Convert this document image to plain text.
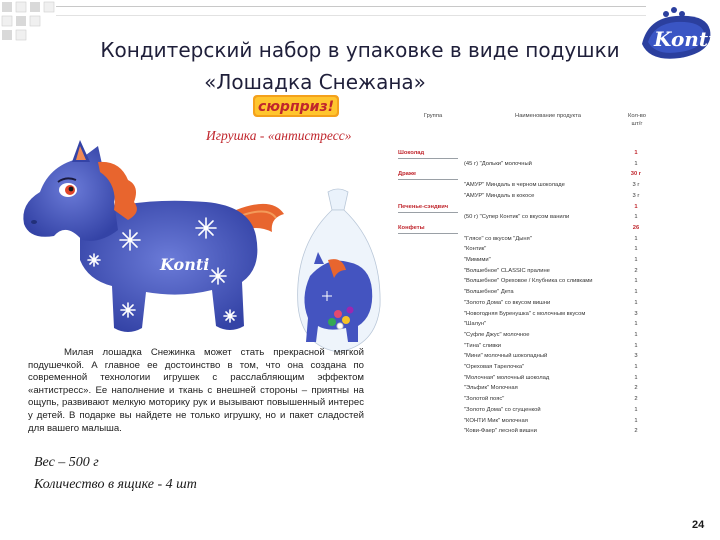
Konti
Кондитерский набор в упаковке в виде подушки
«Лошадка Снежана»
сюрприз!
Игрушка - «антистресс»
Konti
Милая лошадка Снежинка может стать прекрасной мягкой подушечкой. А главное ее достоинство в том, что она создана по современной технологии игрушек с расслабляющим эффектом «антистресс». Ее наполнение и ткань с внешней стороны – приятны на ощупь, развивают мелкую моторику рук и вызывают повышенный интерес у детей. В подарке вы найдете не только игрушку, но и пакет сладостей для вашего малыша.
Вес – 500 г
Количество в ящике - 4 шт
Группа	Наименование продукта	Кол-во шт/г
Шоколад	1
(45 г) "Дольки" молочный	1
Драже	30 г
"АМУР" Миндаль в черном шоколаде	3 г
"АМУР" Миндаль в кокосе	3 г
Печенье-сэндвич	1
(50 г) "Супер Контик" со вкусом ванили	1
Конфеты	26
"Глясе" со вкусом "Дыня"	1
"Контик"	1
"Мимими"	1
"Волшебное" CLASSIC пралине	2
"Волшебное" Ореховое / Клубника со сливками	1
"Волшебное" Дета	1
"Золото Дома" со вкусом вишни	1
"Новогодняя Буренушка" с молочным вкусом	3
"Шалун"	1
"Суфле Джус" молочное	1
"Тина" сливки	1
"Мини" молочный шоколадный	3
"Ореховая Тарелочка"	1
"Молочная" молочный шоколад	1
"Эльфик" Молочная	2
"Золотой пояс"	2
"Золото Дома" со сгущенкой	1
"КОНТИ Мик" молочная	1
"Кови-Фаер" лесной вишни	2
24
